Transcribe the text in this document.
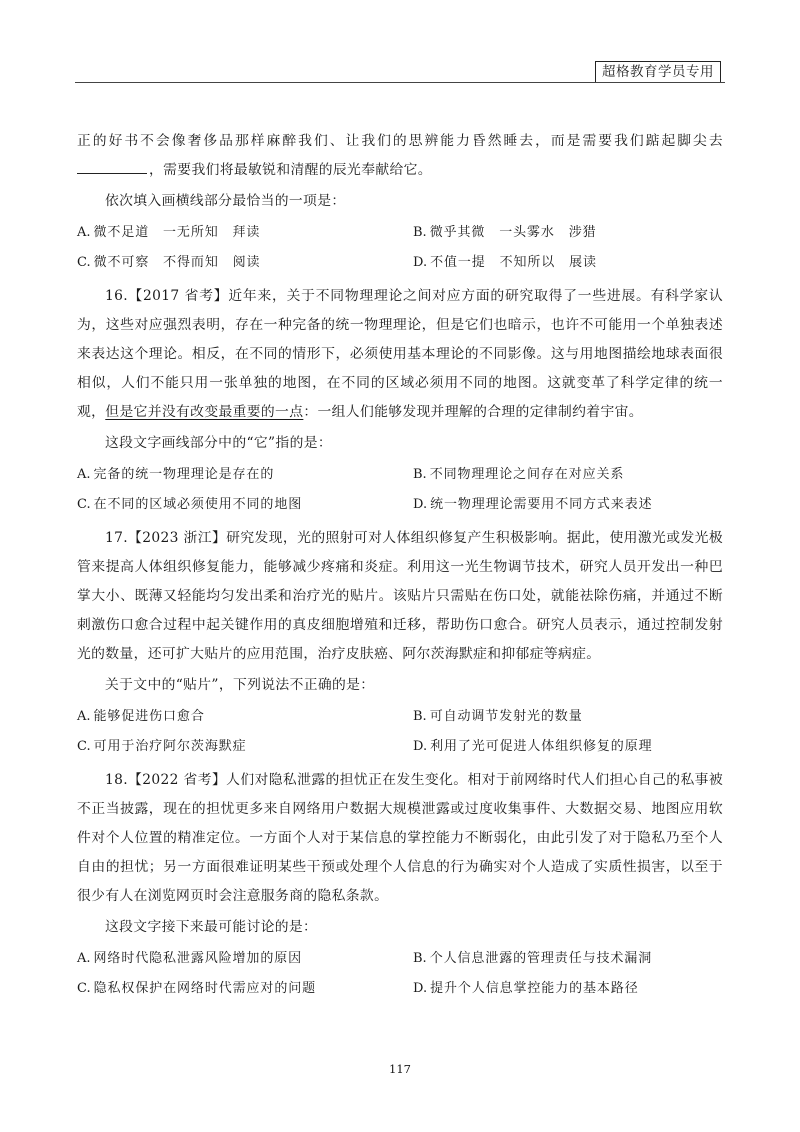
超格教育学员专用

正的好书不会像奢侈品那样麻醉我们、让我们的思辨能力昏然睡去，而是需要我们踮起脚尖去，需要我们将最敏锐和清醒的辰光奉献给它。

依次填入画横线部分最恰当的一项是：

A. 微不足道　一无所知　拜读	B. 微乎其微　一头雾水　涉猎
C. 微不可察　不得而知　阅读	D. 不值一提　不知所以　展读

16.【2017 省考】近年来，关于不同物理理论之间对应方面的研究取得了一些进展。有科学家认为，这些对应强烈表明，存在一种完备的统一物理理论，但是它们也暗示，也许不可能用一个单独表述来表达这个理论。相反，在不同的情形下，必须使用基本理论的不同影像。这与用地图描绘地球表面很相似，人们不能只用一张单独的地图，在不同的区域必须用不同的地图。这就变革了科学定律的统一观，但是它并没有改变最重要的一点：一组人们能够发现并理解的合理的定律制约着宇宙。

这段文字画线部分中的“它”指的是：

A. 完备的统一物理理论是存在的	B. 不同物理理论之间存在对应关系
C. 在不同的区域必须使用不同的地图	D. 统一物理理论需要用不同方式来表述

17.【2023 浙江】研究发现，光的照射可对人体组织修复产生积极影响。据此，使用激光或发光极管来提高人体组织修复能力，能够减少疼痛和炎症。利用这一光生物调节技术，研究人员开发出一种巴掌大小、既薄又轻能均匀发出柔和治疗光的贴片。该贴片只需贴在伤口处，就能祛除伤痛，并通过不断刺激伤口愈合过程中起关键作用的真皮细胞增殖和迁移，帮助伤口愈合。研究人员表示，通过控制发射光的数量，还可扩大贴片的应用范围，治疗皮肤癌、阿尔茨海默症和抑郁症等病症。

关于文中的“贴片”，下列说法不正确的是：

A. 能够促进伤口愈合	B. 可自动调节发射光的数量
C. 可用于治疗阿尔茨海默症	D. 利用了光可促进人体组织修复的原理

18.【2022 省考】人们对隐私泄露的担忧正在发生变化。相对于前网络时代人们担心自己的私事被不正当披露，现在的担忧更多来自网络用户数据大规模泄露或过度收集事件、大数据交易、地图应用软件对个人位置的精准定位。一方面个人对于某信息的掌控能力不断弱化，由此引发了对于隐私乃至个人自由的担忧；另一方面很难证明某些干预或处理个人信息的行为确实对个人造成了实质性损害，以至于很少有人在浏览网页时会注意服务商的隐私条款。

这段文字接下来最可能讨论的是：

A. 网络时代隐私泄露风险增加的原因	B. 个人信息泄露的管理责任与技术漏洞
C. 隐私权保护在网络时代需应对的问题	D. 提升个人信息掌控能力的基本路径
117
